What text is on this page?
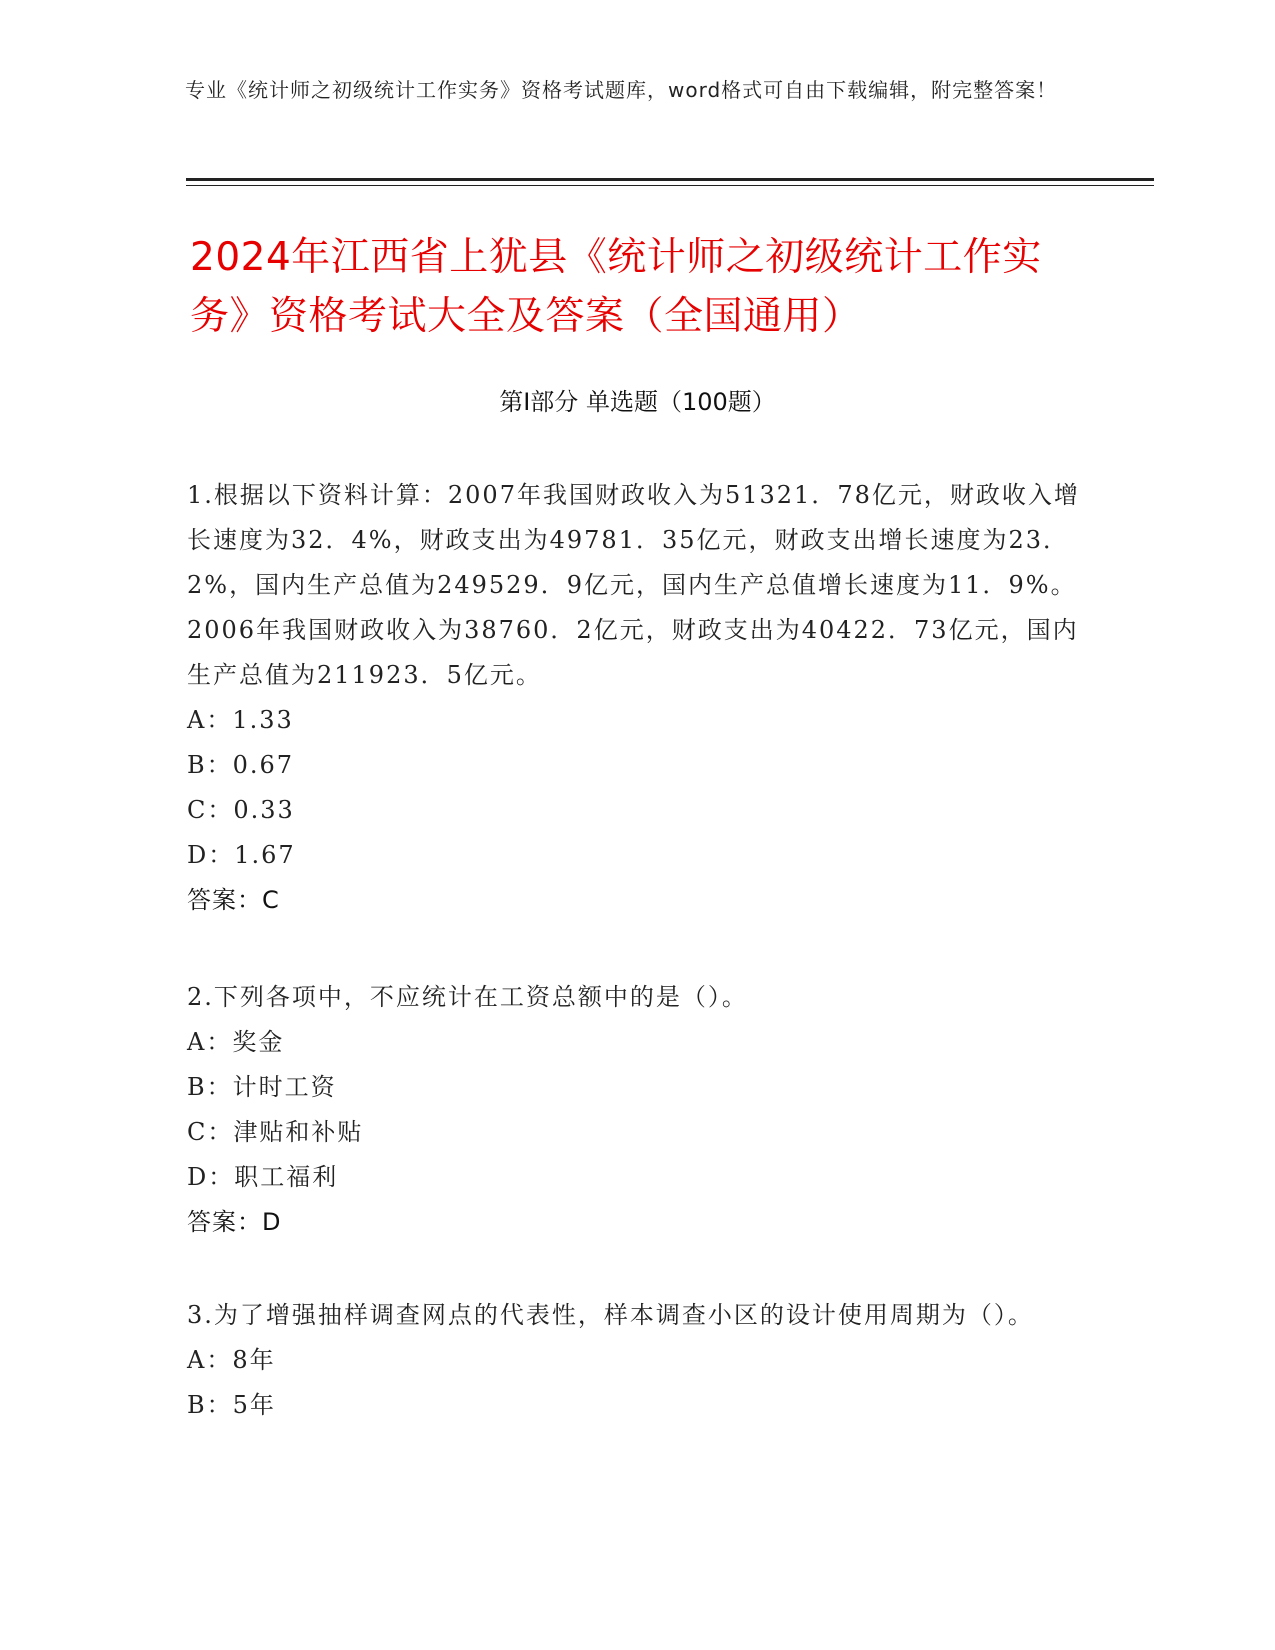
专业《统计师之初级统计工作实务》资格考试题库，word格式可自由下载编辑，附完整答案！
2024年江西省上犹县《统计师之初级统计工作实务》资格考试大全及答案（全国通用）
第Ⅰ部分 单选题（100题）
1.根据以下资料计算：2007年我国财政收入为51321．78亿元，财政收入增长速度为32．4%，财政支出为49781．35亿元，财政支出增长速度为23．2%，国内生产总值为249529．9亿元，国内生产总值增长速度为11．9%。2006年我国财政收入为38760．2亿元，财政支出为40422．73亿元，国内生产总值为211923．5亿元。
A：1.33
B：0.67
C：0.33
D：1.67
答案：C
2.下列各项中，不应统计在工资总额中的是（）。
A：奖金
B：计时工资
C：津贴和补贴
D：职工福利
答案：D
3.为了增强抽样调查网点的代表性，样本调查小区的设计使用周期为（）。
A：8年
B：5年
